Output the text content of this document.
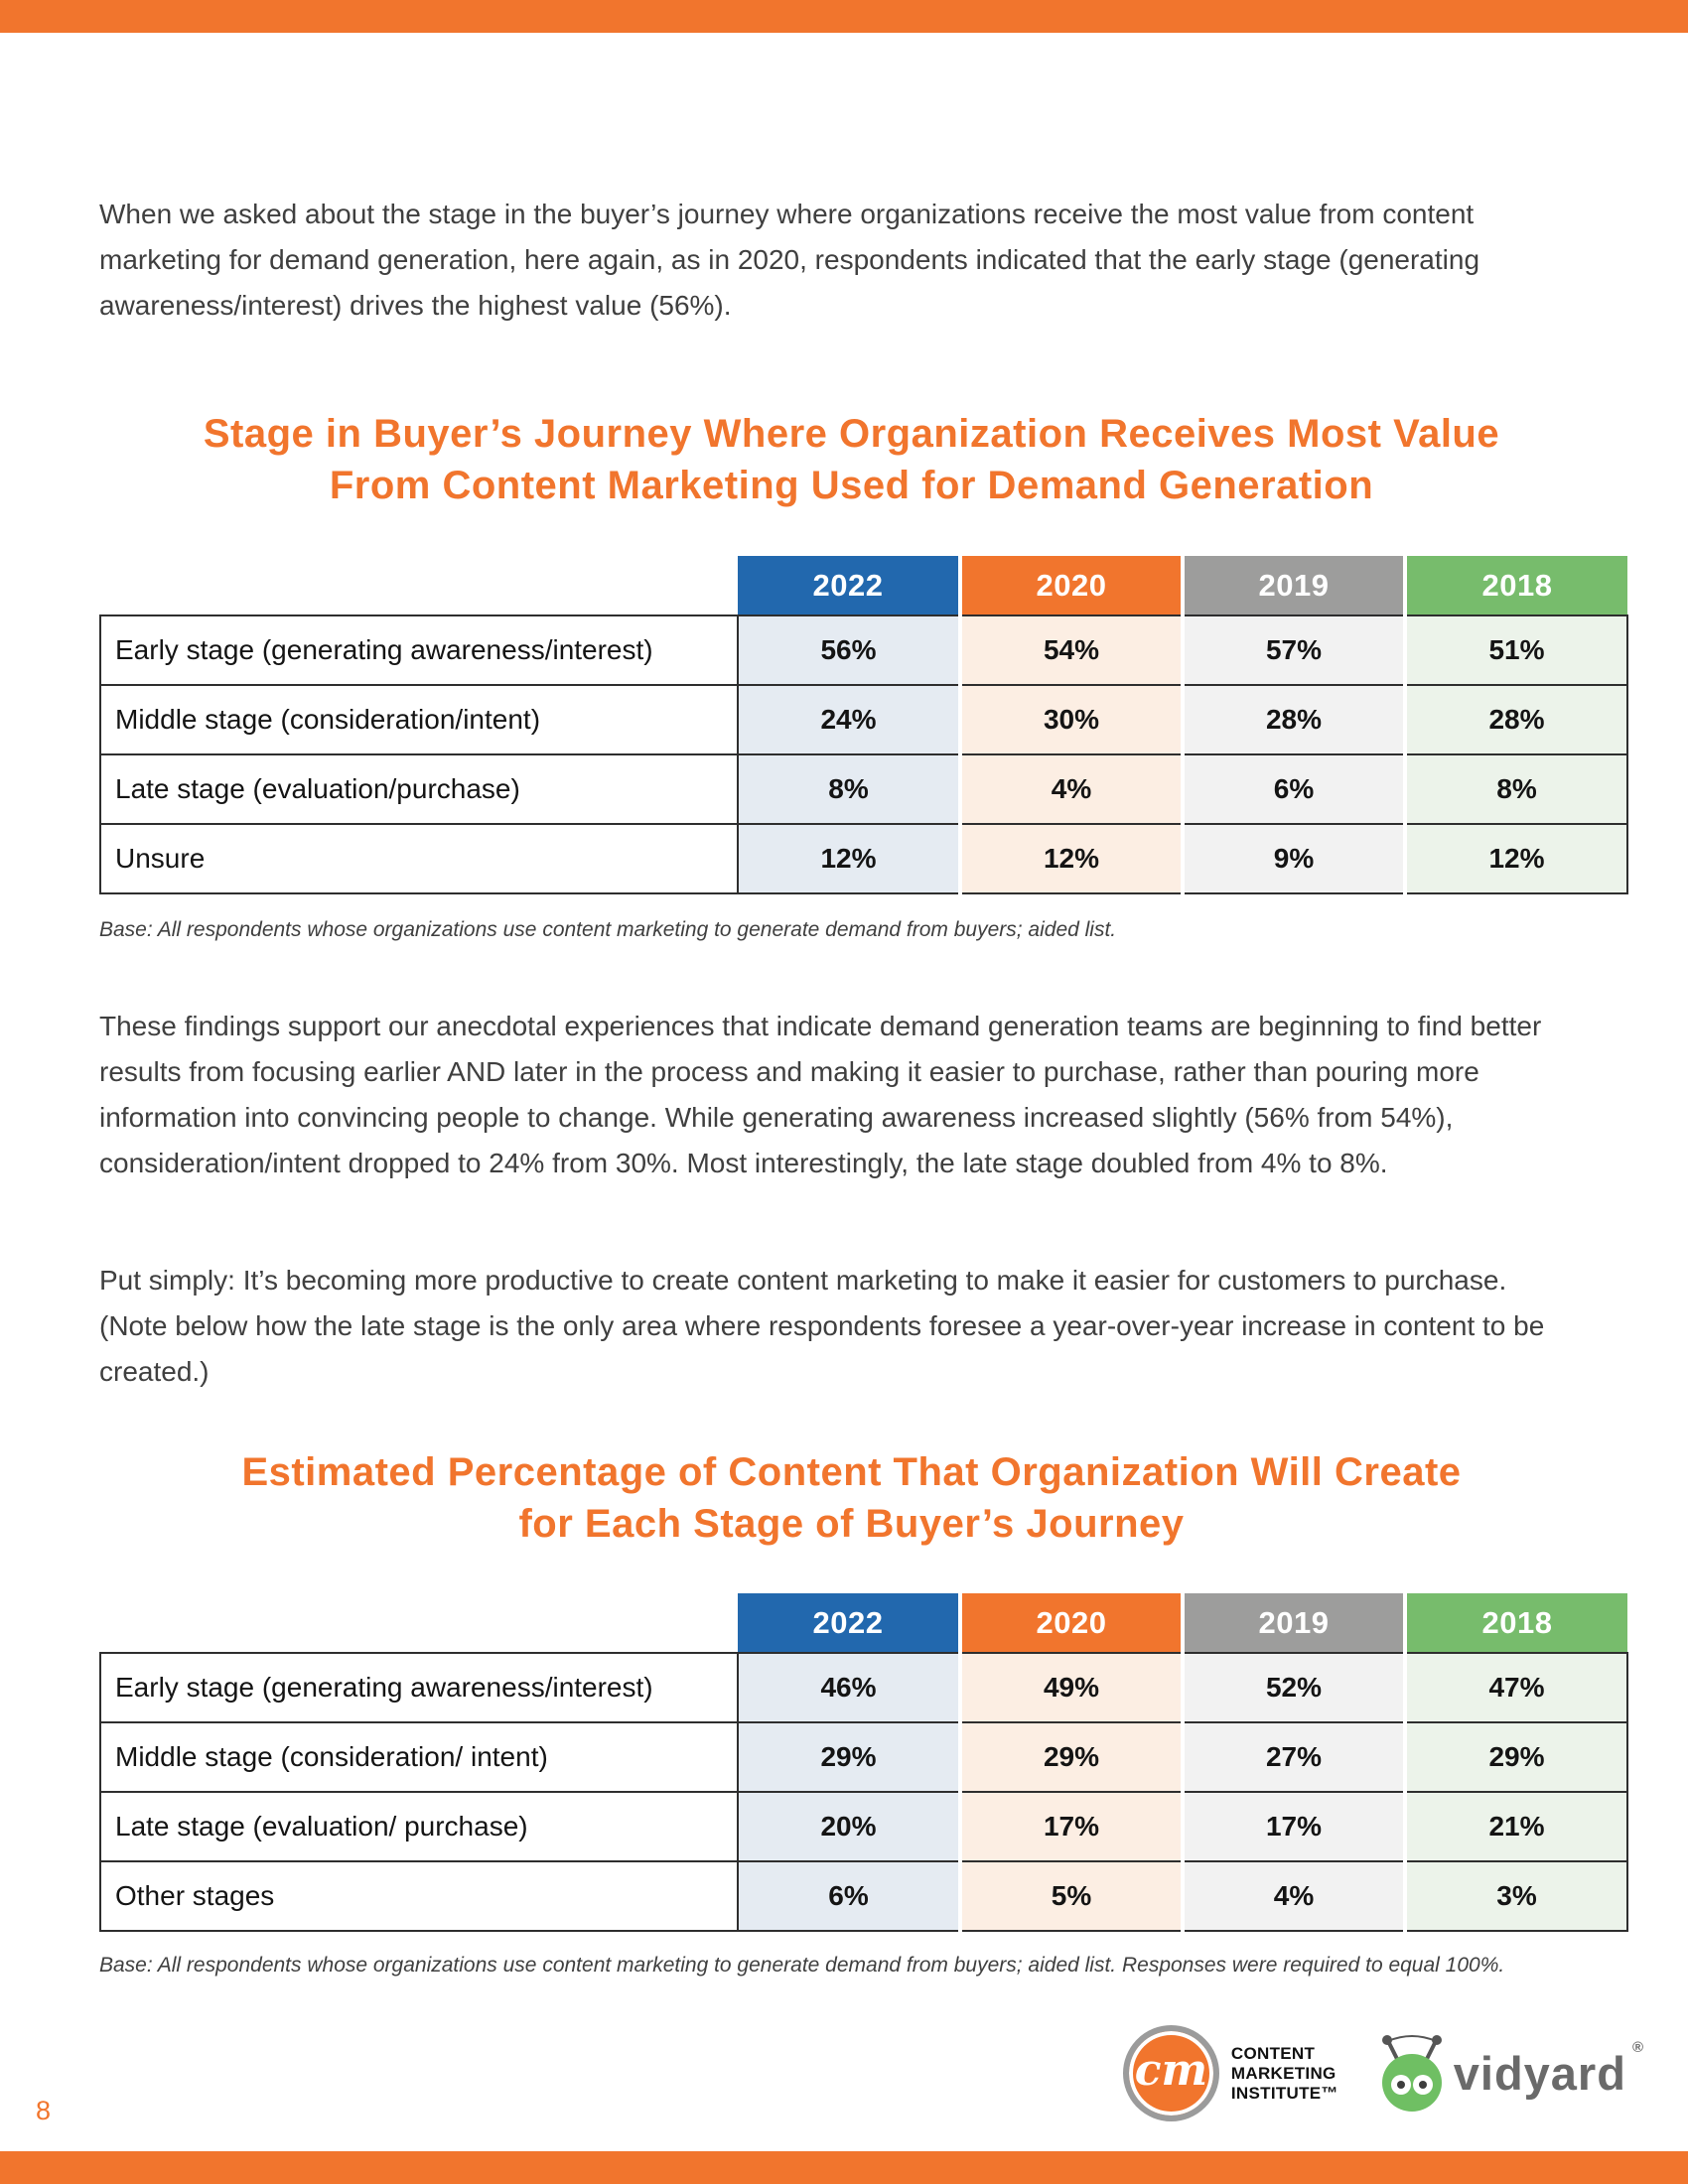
When we asked about the stage in the buyer’s journey where organizations receive the most value from content marketing for demand generation, here again, as in 2020, respondents indicated that the early stage (generating awareness/interest) drives the highest value (56%).

Stage in Buyer’s Journey Where Organization Receives Most Value
From Content Marketing Used for Demand Generation
	2022	2020	2019	2018
Early stage (generating awareness/interest)	56%	54%	57%	51%
Middle stage (consideration/intent)	24%	30%	28%	28%
Late stage (evaluation/purchase)	8%	4%	6%	8%
Unsure	12%	12%	9%	12%

Base: All respondents whose organizations use content marketing to generate demand from buyers; aided list.

These findings support our anecdotal experiences that indicate demand generation teams are beginning to find better results from focusing earlier AND later in the process and making it easier to purchase, rather than pouring more information into convincing people to change. While generating awareness increased slightly (56% from 54%), consideration/intent dropped to 24% from 30%. Most interestingly, the late stage doubled from 4% to 8%.

Put simply: It’s becoming more productive to create content marketing to make it easier for customers to purchase. (Note below how the late stage is the only area where respondents foresee a year-over-year increase in content to be created.)

Estimated Percentage of Content That Organization Will Create
for Each Stage of Buyer’s Journey
	2022	2020	2019	2018
Early stage (generating awareness/interest)	46%	49%	52%	47%
Middle stage (consideration/ intent)	29%	29%	27%	29%
Late stage (evaluation/ purchase)	20%	17%	17%	21%
Other stages	6%	5%	4%	3%

Base: All respondents whose organizations use content marketing to generate demand from buyers; aided list. Responses were required to equal 100%.

cm CONTENT
MARKETING
INSTITUTE™ vidyard ®
8
